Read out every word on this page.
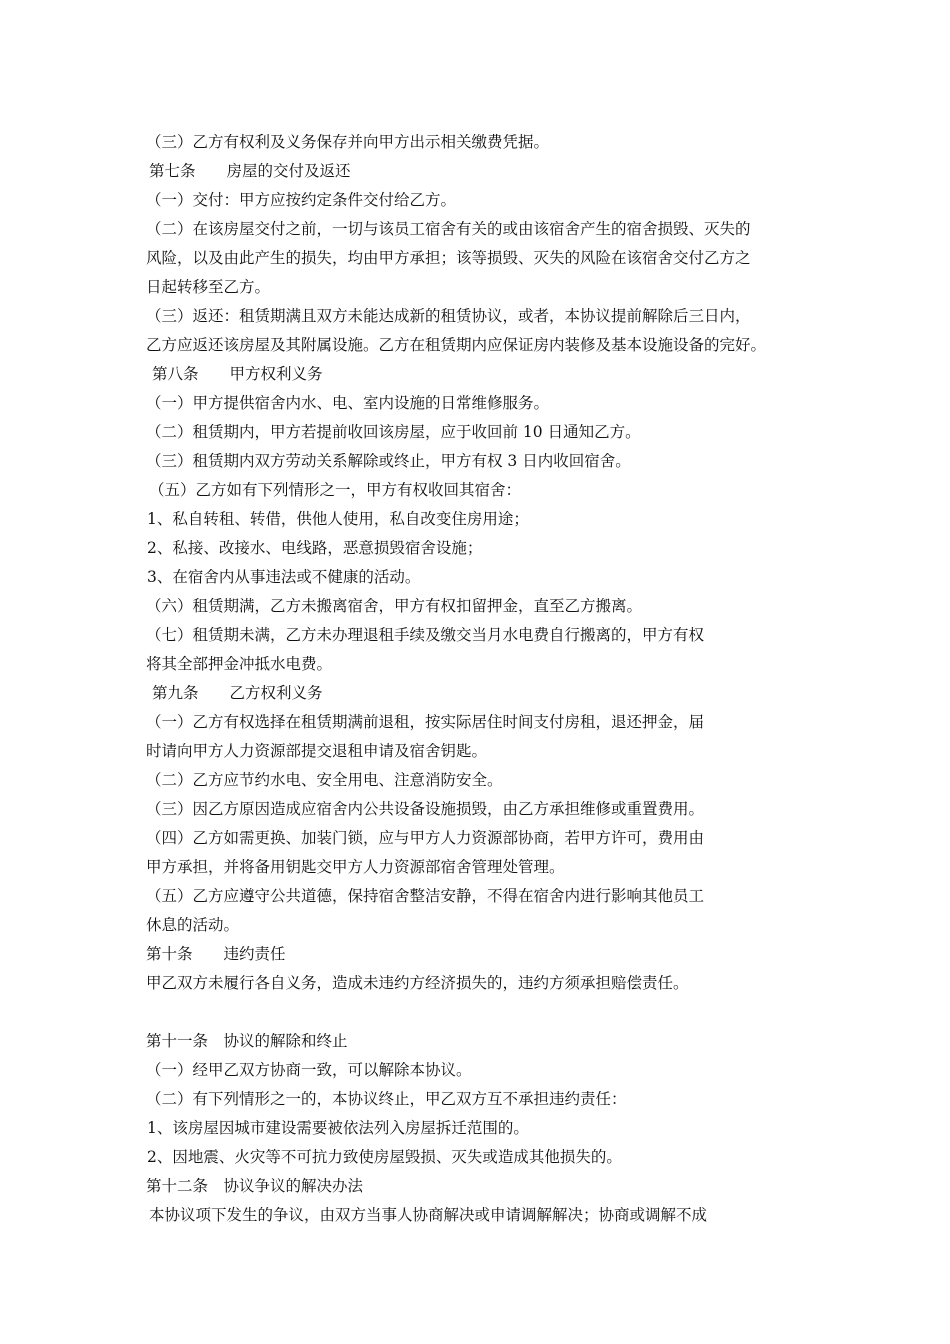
（三）乙方有权利及义务保存并向甲方出示相关缴费凭据。
第七条　　房屋的交付及返还
（一）交付：甲方应按约定条件交付给乙方。
（二）在该房屋交付之前，一切与该员工宿舍有关的或由该宿舍产生的宿舍损毁、灭失的
风险，以及由此产生的损失，均由甲方承担；该等损毁、灭失的风险在该宿舍交付乙方之
日起转移至乙方。
（三）返还：租赁期满且双方未能达成新的租赁协议，或者，本协议提前解除后三日内，
乙方应返还该房屋及其附属设施。乙方在租赁期内应保证房内装修及基本设施设备的完好。
第八条　　甲方权利义务
（一）甲方提供宿舍内水、电、室内设施的日常维修服务。
（二）租赁期内，甲方若提前收回该房屋，应于收回前 10 日通知乙方。
（三）租赁期内双方劳动关系解除或终止，甲方有权 3 日内收回宿舍。
（五）乙方如有下列情形之一，甲方有权收回其宿舍：
1、私自转租、转借，供他人使用，私自改变住房用途；
2、私接、改接水、电线路，恶意损毁宿舍设施；
3、在宿舍内从事违法或不健康的活动。
（六）租赁期满，乙方未搬离宿舍，甲方有权扣留押金，直至乙方搬离。
（七）租赁期未满，乙方未办理退租手续及缴交当月水电费自行搬离的，甲方有权
将其全部押金冲抵水电费。
第九条　　乙方权利义务
（一）乙方有权选择在租赁期满前退租，按实际居住时间支付房租，退还押金，届
时请向甲方人力资源部提交退租申请及宿舍钥匙。
（二）乙方应节约水电、安全用电、注意消防安全。
（三）因乙方原因造成应宿舍内公共设备设施损毁，由乙方承担维修或重置费用。
（四）乙方如需更换、加装门锁，应与甲方人力资源部协商，若甲方许可，费用由
甲方承担，并将备用钥匙交甲方人力资源部宿舍管理处管理。
（五）乙方应遵守公共道德，保持宿舍整洁安静，不得在宿舍内进行影响其他员工
休息的活动。
第十条　　违约责任
甲乙双方未履行各自义务，造成未违约方经济损失的，违约方须承担赔偿责任。
第十一条　协议的解除和终止
（一）经甲乙双方协商一致，可以解除本协议。
（二）有下列情形之一的，本协议终止，甲乙双方互不承担违约责任：
1、该房屋因城市建设需要被依法列入房屋拆迁范围的。
2、因地震、火灾等不可抗力致使房屋毁损、灭失或造成其他损失的。
第十二条　协议争议的解决办法
本协议项下发生的争议，由双方当事人协商解决或申请调解解决；协商或调解不成
